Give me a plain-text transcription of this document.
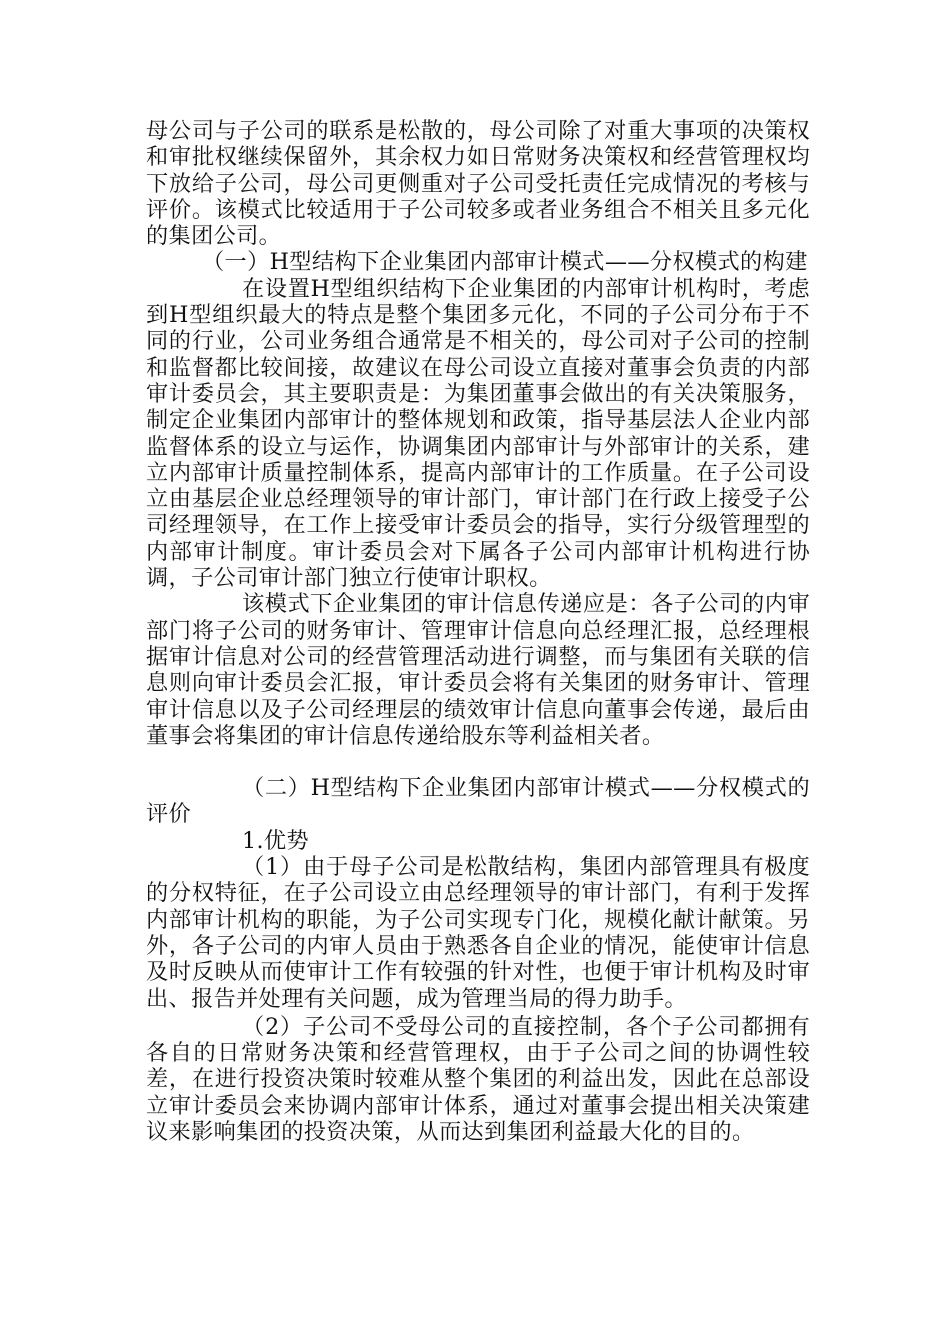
母公司与子公司的联系是松散的，母公司除了对重大事项的决策权和审批权继续保留外，其余权力如日常财务决策权和经营管理权均下放给子公司，母公司更侧重对子公司受托责任完成情况的考核与评价。该模式比较适用于子公司较多或者业务组合不相关且多元化的集团公司。

（一）H型结构下企业集团内部审计模式——分权模式的构建

在设置H型组织结构下企业集团的内部审计机构时，考虑到H型组织最大的特点是整个集团多元化，不同的子公司分布于不同的行业，公司业务组合通常是不相关的，母公司对子公司的控制和监督都比较间接，故建议在母公司设立直接对董事会负责的内部审计委员会，其主要职责是：为集团董事会做出的有关决策服务，制定企业集团内部审计的整体规划和政策，指导基层法人企业内部监督体系的设立与运作，协调集团内部审计与外部审计的关系，建立内部审计质量控制体系，提高内部审计的工作质量。在子公司设立由基层企业总经理领导的审计部门，审计部门在行政上接受子公司经理领导，在工作上接受审计委员会的指导，实行分级管理型的内部审计制度。审计委员会对下属各子公司内部审计机构进行协调，子公司审计部门独立行使审计职权。

该模式下企业集团的审计信息传递应是：各子公司的内审部门将子公司的财务审计、管理审计信息向总经理汇报，总经理根据审计信息对公司的经营管理活动进行调整，而与集团有关联的信息则向审计委员会汇报，审计委员会将有关集团的财务审计、管理审计信息以及子公司经理层的绩效审计信息向董事会传递，最后由董事会将集团的审计信息传递给股东等利益相关者。

（二）H型结构下企业集团内部审计模式——分权模式的评价

1.优势

（1）由于母子公司是松散结构，集团内部管理具有极度的分权特征，在子公司设立由总经理领导的审计部门，有利于发挥内部审计机构的职能，为子公司实现专门化，规模化献计献策。另外，各子公司的内审人员由于熟悉各自企业的情况，能使审计信息及时反映从而使审计工作有较强的针对性，也便于审计机构及时审出、报告并处理有关问题，成为管理当局的得力助手。

（2）子公司不受母公司的直接控制，各个子公司都拥有各自的日常财务决策和经营管理权，由于子公司之间的协调性较差，在进行投资决策时较难从整个集团的利益出发，因此在总部设立审计委员会来协调内部审计体系，通过对董事会提出相关决策建议来影响集团的投资决策，从而达到集团利益最大化的目的。
